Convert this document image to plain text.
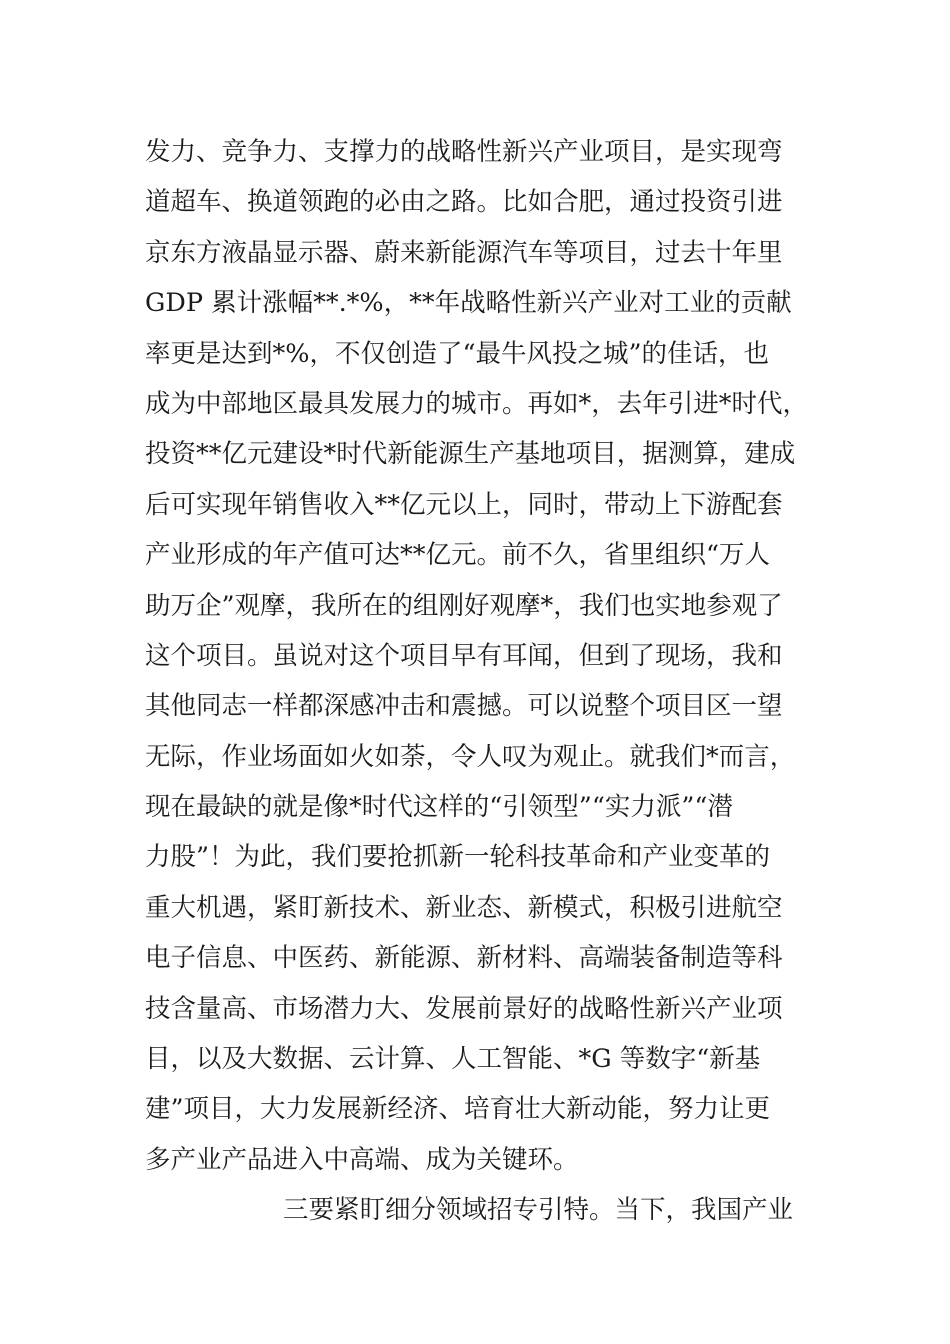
发力、竞争力、支撑力的战略性新兴产业项目，是实现弯
道超车、换道领跑的必由之路。比如合肥，通过投资引进
京东方液晶显示器、蔚来新能源汽车等项目，过去十年里
GDP 累计涨幅**.*%，**年战略性新兴产业对工业的贡献
率更是达到*%，不仅创造了“最牛风投之城”的佳话，也
成为中部地区最具发展力的城市。再如*，去年引进*时代，
投资**亿元建设*时代新能源生产基地项目，据测算，建成
后可实现年销售收入**亿元以上，同时，带动上下游配套
产业形成的年产值可达**亿元。前不久，省里组织“万人
助万企”观摩，我所在的组刚好观摩*，我们也实地参观了
这个项目。虽说对这个项目早有耳闻，但到了现场，我和
其他同志一样都深感冲击和震撼。可以说整个项目区一望
无际，作业场面如火如荼，令人叹为观止。就我们*而言，
现在最缺的就是像*时代这样的“引领型”“实力派”“潜
力股”！为此，我们要抢抓新一轮科技革命和产业变革的
重大机遇，紧盯新技术、新业态、新模式，积极引进航空
电子信息、中医药、新能源、新材料、高端装备制造等科
技含量高、市场潜力大、发展前景好的战略性新兴产业项
目，以及大数据、云计算、人工智能、*G 等数字“新基
建”项目，大力发展新经济、培育壮大新动能，努力让更
多产业产品进入中高端、成为关键环。
三要紧盯细分领域招专引特。当下，我国产业
